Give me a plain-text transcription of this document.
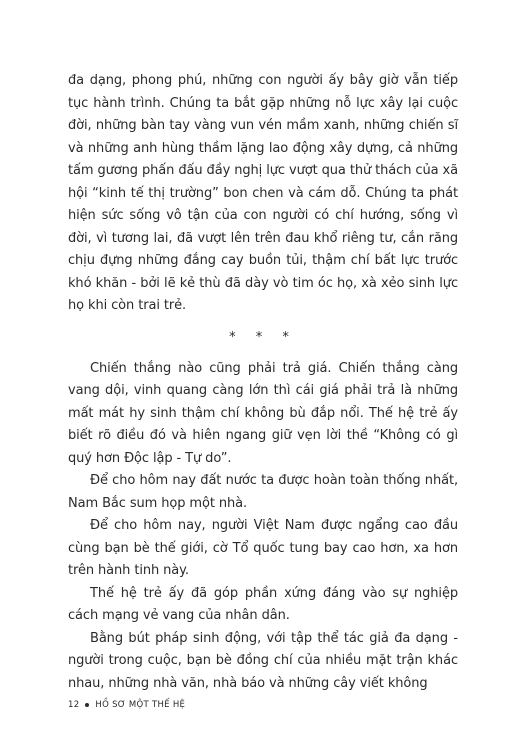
đa dạng, phong phú, những con người ấy bây giờ vẫn tiếp tục hành trình. Chúng ta bắt gặp những nỗ lực xây lại cuộc đời, những bàn tay vàng vun vén mầm xanh, những chiến sĩ và những anh hùng thầm lặng lao động xây dựng, cả những tấm gương phấn đấu đầy nghị lực vượt qua thử thách của xã hội “kinh tế thị trường” bon chen và cám dỗ. Chúng ta phát hiện sức sống vô tận của con người có chí hướng, sống vì đời, vì tương lai, đã vượt lên trên đau khổ riêng tư, cắn răng chịu đựng những đắng cay buồn tủi, thậm chí bất lực trước khó khăn - bởi lẽ kẻ thù đã dày vò tim óc họ, xà xẻo sinh lực họ khi còn trai trẻ.

* * *

Chiến thắng nào cũng phải trả giá. Chiến thắng càng vang dội, vinh quang càng lớn thì cái giá phải trả là những mất mát hy sinh thậm chí không bù đắp nổi. Thế hệ trẻ ấy biết rõ điều đó và hiên ngang giữ vẹn lời thề “Không có gì quý hơn Độc lập - Tự do”.

Để cho hôm nay đất nước ta được hoàn toàn thống nhất, Nam Bắc sum họp một nhà.

Để cho hôm nay, người Việt Nam được ngẩng cao đầu cùng bạn bè thế giới, cờ Tổ quốc tung bay cao hơn, xa hơn trên hành tinh này.

Thế hệ trẻ ấy đã góp phần xứng đáng vào sự nghiệp cách mạng vẻ vang của nhân dân.

Bằng bút pháp sinh động, với tập thể tác giả đa dạng - người trong cuộc, bạn bè đồng chí của nhiều mặt trận khác nhau, những nhà văn, nhà báo và những cây viết không

12 HỒ SƠ MỘT THẾ HỆ
